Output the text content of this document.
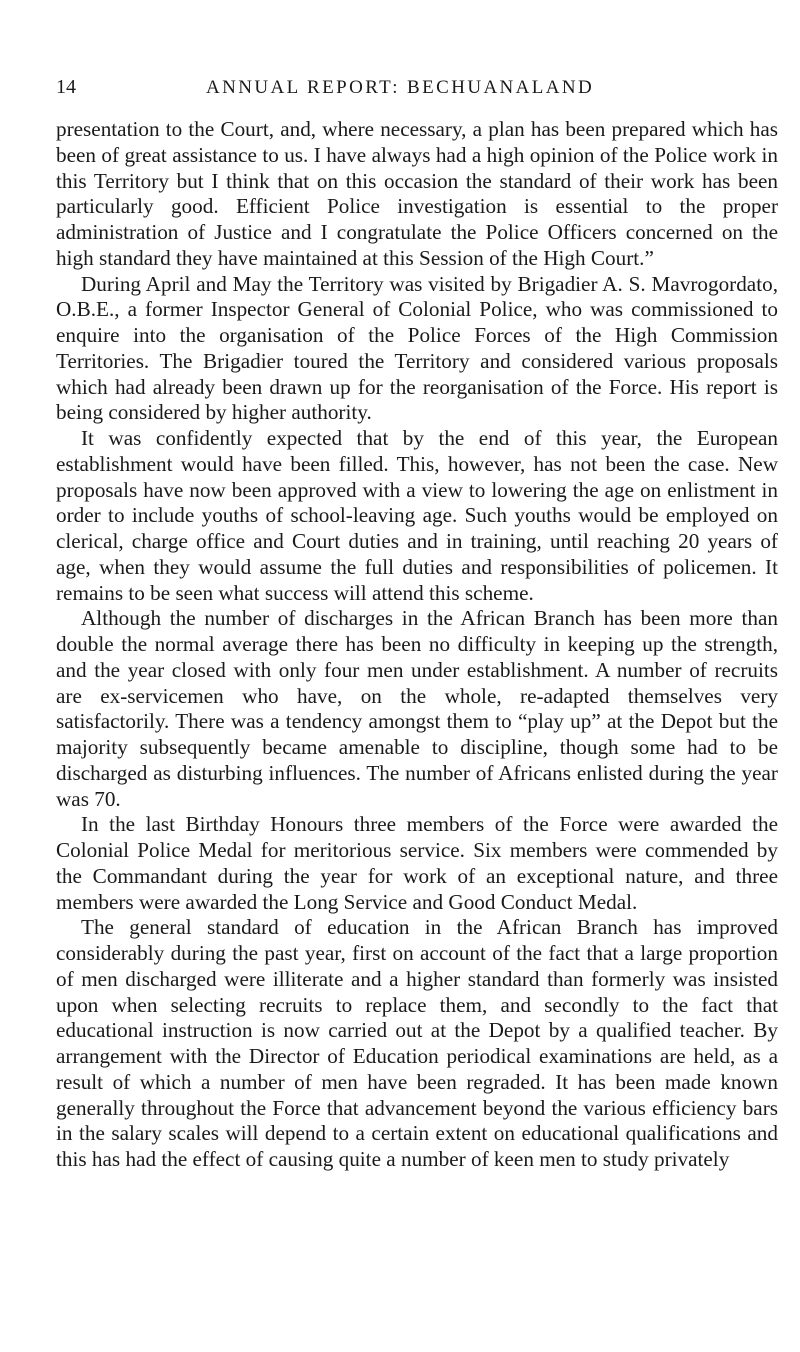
14	ANNUAL REPORT: BECHUANALAND

presentation to the Court, and, where necessary, a plan has been prepared which has been of great assistance to us. I have always had a high opinion of the Police work in this Territory but I think that on this occasion the standard of their work has been particularly good. Efficient Police investigation is essential to the proper administration of Justice and I congratulate the Police Officers concerned on the high standard they have maintained at this Session of the High Court.”

During April and May the Territory was visited by Brigadier A. S. Mavrogordato, O.B.E., a former Inspector General of Colonial Police, who was commissioned to enquire into the organisation of the Police Forces of the High Commission Territories. The Brigadier toured the Territory and considered various proposals which had already been drawn up for the reorganisation of the Force. His report is being considered by higher authority.

It was confidently expected that by the end of this year, the European establishment would have been filled. This, however, has not been the case. New proposals have now been approved with a view to lowering the age on enlistment in order to include youths of school-leaving age. Such youths would be employed on clerical, charge office and Court duties and in training, until reaching 20 years of age, when they would assume the full duties and responsibilities of policemen. It remains to be seen what success will attend this scheme.

Although the number of discharges in the African Branch has been more than double the normal average there has been no difficulty in keeping up the strength, and the year closed with only four men under establishment. A number of recruits are ex-servicemen who have, on the whole, re-adapted themselves very satisfactorily. There was a tendency amongst them to “play up” at the Depot but the majority subsequently became amenable to discipline, though some had to be discharged as disturbing influences. The number of Africans enlisted during the year was 70.

In the last Birthday Honours three members of the Force were awarded the Colonial Police Medal for meritorious service. Six members were commended by the Commandant during the year for work of an exceptional nature, and three members were awarded the Long Service and Good Conduct Medal.

The general standard of education in the African Branch has improved considerably during the past year, first on account of the fact that a large proportion of men discharged were illiterate and a higher standard than formerly was insisted upon when selecting recruits to replace them, and secondly to the fact that educational instruction is now carried out at the Depot by a qualified teacher. By arrangement with the Director of Education periodical examinations are held, as a result of which a number of men have been regraded. It has been made known generally throughout the Force that advancement beyond the various efficiency bars in the salary scales will depend to a certain extent on educational qualifications and this has had the effect of causing quite a number of keen men to study privately
